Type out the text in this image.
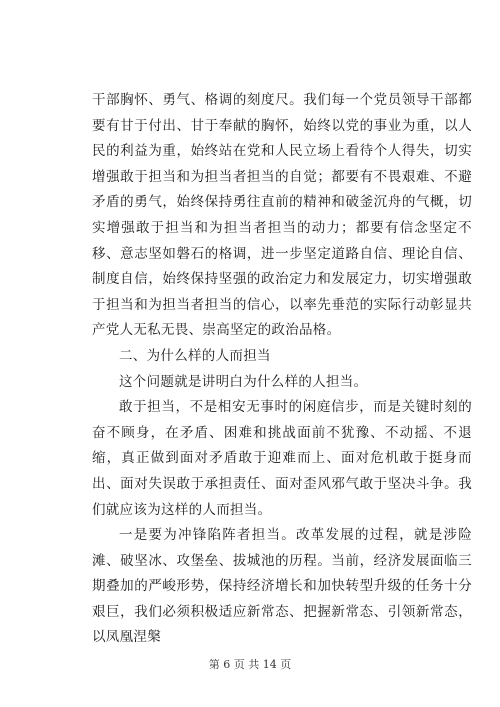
干部胸怀、勇气、格调的刻度尺。我们每一个党员领导干部都要有甘于付出、甘于奉献的胸怀，始终以党的事业为重，以人民的利益为重，始终站在党和人民立场上看待个人得失，切实增强敢于担当和为担当者担当的自觉；都要有不畏艰难、不避矛盾的勇气，始终保持勇往直前的精神和破釜沉舟的气概，切实增强敢于担当和为担当者担当的动力；都要有信念坚定不移、意志坚如磐石的格调，进一步坚定道路自信、理论自信、制度自信，始终保持坚强的政治定力和发展定力，切实增强敢于担当和为担当者担当的信心，以率先垂范的实际行动彰显共产党人无私无畏、崇高坚定的政治品格。

二、为什么样的人而担当

这个问题就是讲明白为什么样的人担当。

敢于担当，不是相安无事时的闲庭信步，而是关键时刻的奋不顾身，在矛盾、困难和挑战面前不犹豫、不动摇、不退缩，真正做到面对矛盾敢于迎难而上、面对危机敢于挺身而出、面对失误敢于承担责任、面对歪风邪气敢于坚决斗争。我们就应该为这样的人而担当。

一是要为冲锋陷阵者担当。改革发展的过程，就是涉险滩、破坚冰、攻堡垒、拔城池的历程。当前，经济发展面临三期叠加的严峻形势，保持经济增长和加快转型升级的任务十分艰巨，我们必须积极适应新常态、把握新常态、引领新常态，以凤凰涅槃

第 6 页 共 14 页
